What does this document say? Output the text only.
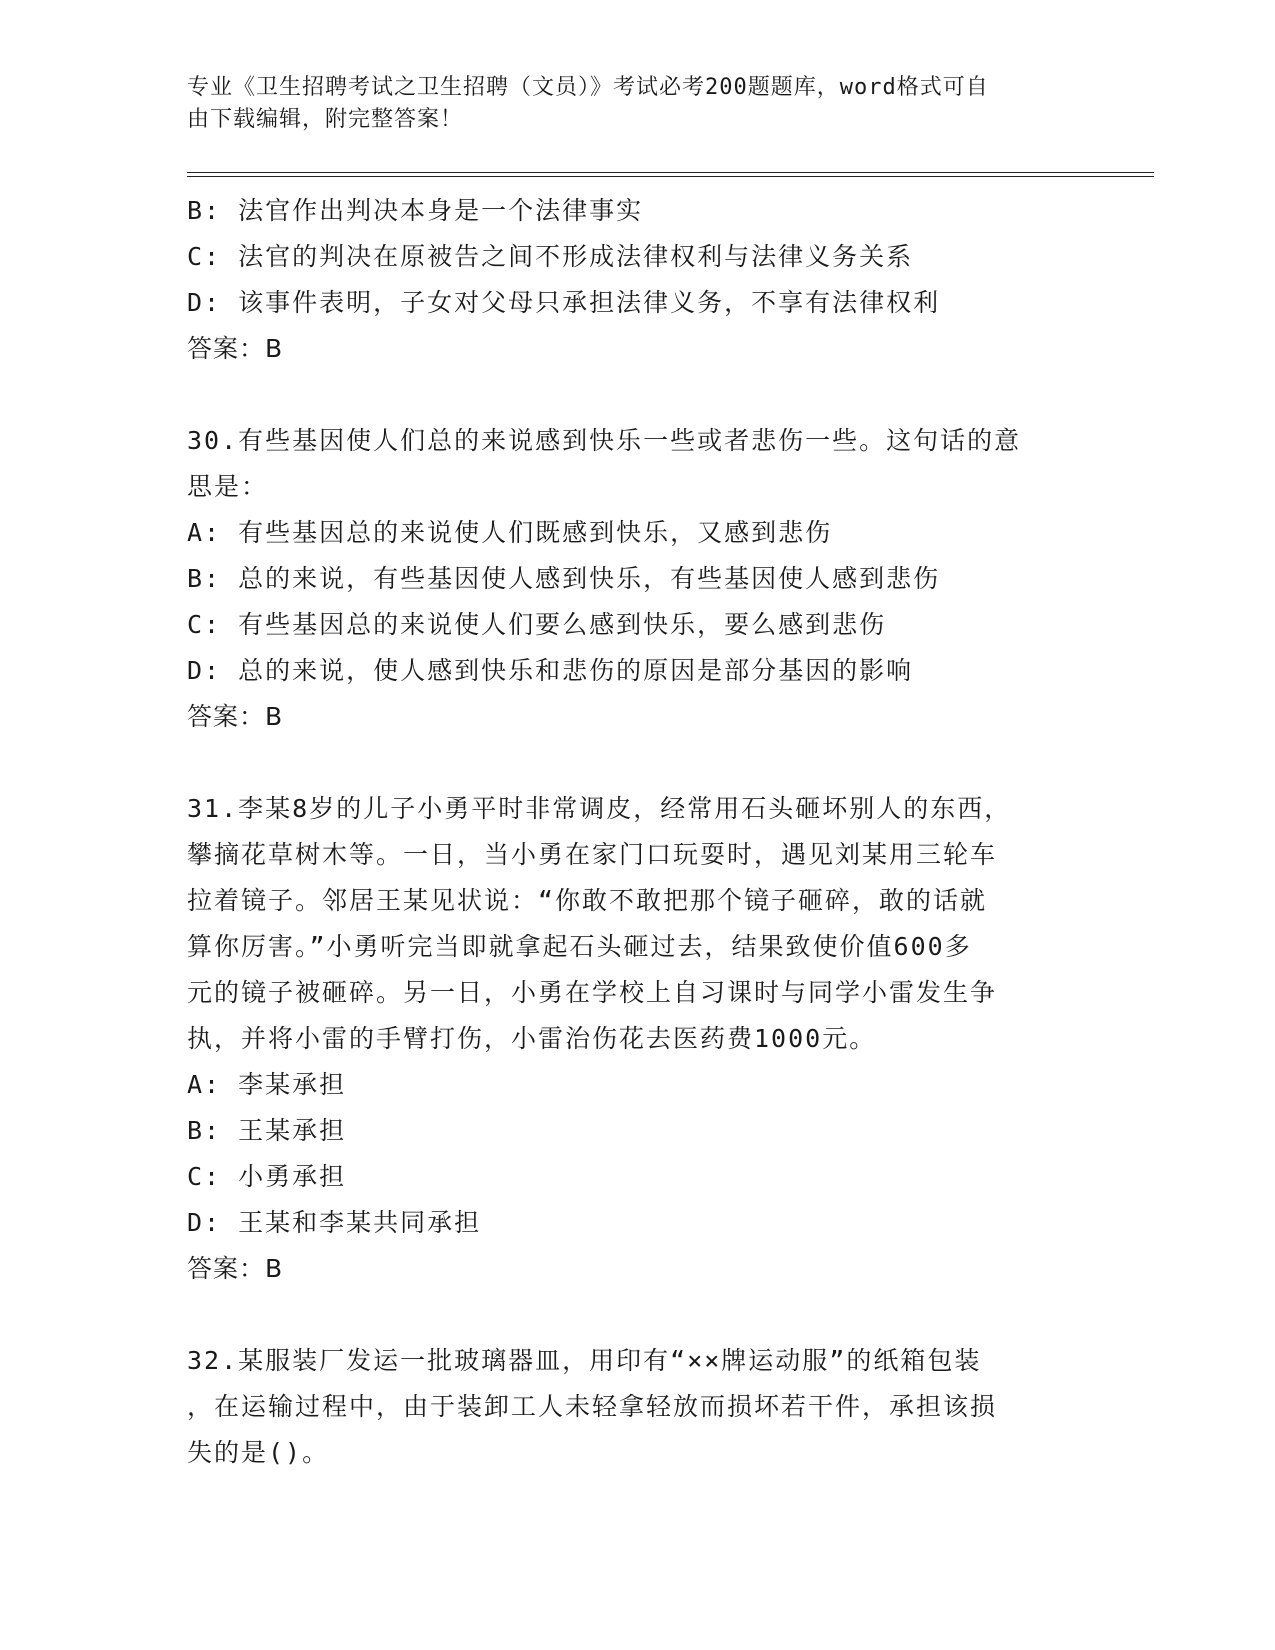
专业《卫生招聘考试之卫生招聘（文员）》考试必考200题题库，word格式可自
由下载编辑，附完整答案！
B: 法官作出判决本身是一个法律事实
C: 法官的判决在原被告之间不形成法律权利与法律义务关系
D: 该事件表明，子女对父母只承担法律义务，不享有法律权利
答案：B
30.有些基因使人们总的来说感到快乐一些或者悲伤一些。这句话的意
思是：
A: 有些基因总的来说使人们既感到快乐，又感到悲伤
B: 总的来说，有些基因使人感到快乐，有些基因使人感到悲伤
C: 有些基因总的来说使人们要么感到快乐，要么感到悲伤
D: 总的来说，使人感到快乐和悲伤的原因是部分基因的影响
答案：B
31.李某8岁的儿子小勇平时非常调皮，经常用石头砸坏别人的东西，
攀摘花草树木等。一日，当小勇在家门口玩耍时，遇见刘某用三轮车
拉着镜子。邻居王某见状说：“你敢不敢把那个镜子砸碎，敢的话就
算你厉害。”小勇听完当即就拿起石头砸过去，结果致使价值600多
元的镜子被砸碎。另一日，小勇在学校上自习课时与同学小雷发生争
执，并将小雷的手臂打伤，小雷治伤花去医药费1000元。
A: 李某承担
B: 王某承担
C: 小勇承担
D: 王某和李某共同承担
答案：B
32.某服装厂发运一批玻璃器皿，用印有“××牌运动服”的纸箱包装
，在运输过程中，由于装卸工人未轻拿轻放而损坏若干件，承担该损
失的是()。
